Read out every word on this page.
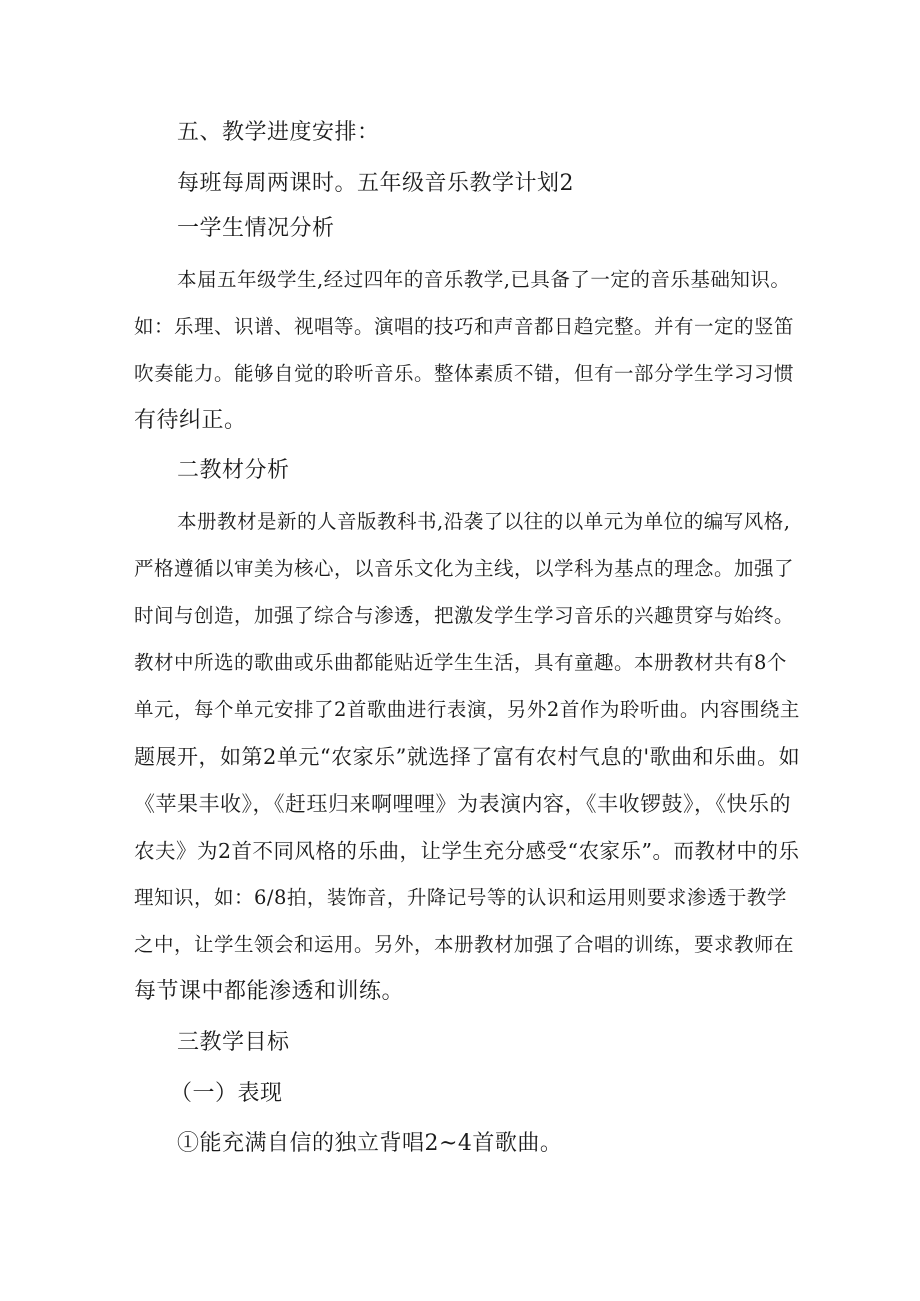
五、教学进度安排：
每班每周两课时。五年级音乐教学计划2
一学生情况分析
本届五年级学生,经过四年的音乐教学,已具备了一定的音乐基础知识。
如：乐理、识谱、视唱等。演唱的技巧和声音都日趋完整。并有一定的竖笛
吹奏能力。能够自觉的聆听音乐。整体素质不错，但有一部分学生学习习惯
有待纠正。
二教材分析
本册教材是新的人音版教科书,沿袭了以往的以单元为单位的编写风格,
严格遵循以审美为核心，以音乐文化为主线，以学科为基点的理念。加强了
时间与创造，加强了综合与渗透，把激发学生学习音乐的兴趣贯穿与始终。
教材中所选的歌曲或乐曲都能贴近学生生活，具有童趣。本册教材共有8个
单元，每个单元安排了2首歌曲进行表演，另外2首作为聆听曲。内容围绕主
题展开，如第2单元“农家乐”就选择了富有农村气息的'歌曲和乐曲。如
《苹果丰收》，《赶珏归来啊哩哩》为表演内容，《丰收锣鼓》，《快乐的
农夫》为2首不同风格的乐曲，让学生充分感受“农家乐”。而教材中的乐
理知识，如：6/8拍，装饰音，升降记号等的认识和运用则要求渗透于教学
之中，让学生领会和运用。另外，本册教材加强了合唱的训练，要求教师在
每节课中都能渗透和训练。
三教学目标
（一）表现
①能充满自信的独立背唱2~4首歌曲。
